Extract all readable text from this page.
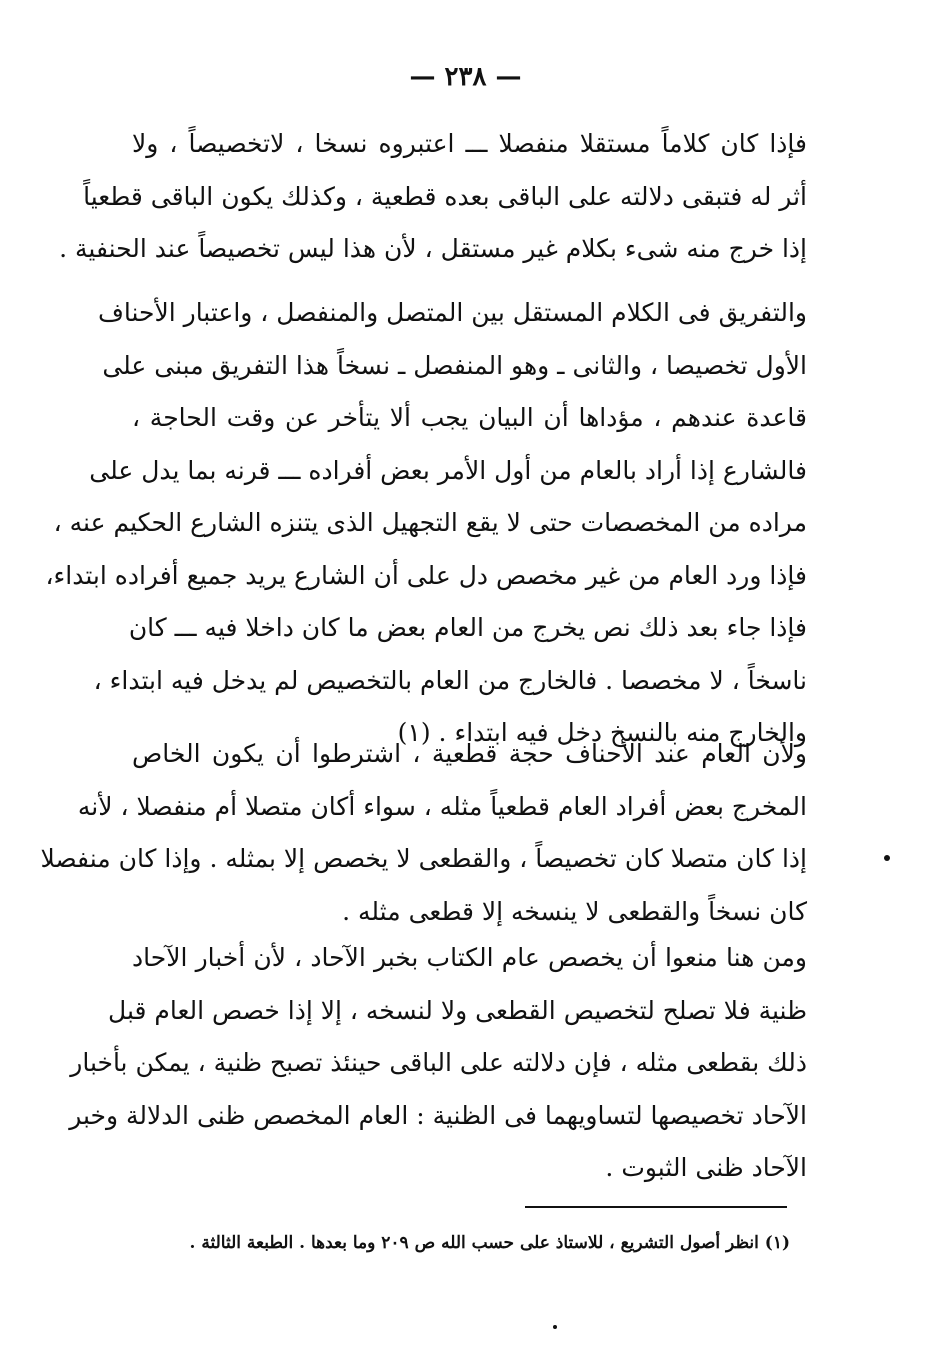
— ٢٣٨ —
فإذا كان كلاماً مستقلا منفصلا ـــ اعتبروه نسخا ، لاتخصيصاً ، ولا
أثر له فتبقى دلالته على الباقى بعده قطعية ، وكذلك يكون الباقى قطعياً
إذا خرج منه شىء بكلام غير مستقل ، لأن هذا ليس تخصيصاً عند الحنفية .
والتفريق فى الكلام المستقل بين المتصل والمنفصل ، واعتبار الأحناف
الأول تخصيصا ، والثانى ـ وهو المنفصل ـ نسخاً هذا التفريق مبنى على
قاعدة عندهم ، مؤداها أن البيان يجب ألا يتأخر عن وقت الحاجة ،
فالشارع إذا أراد بالعام من أول الأمر بعض أفراده ـــ قرنه بما يدل على
مراده من المخصصات حتى لا يقع التجهيل الذى يتنزه الشارع الحكيم عنه ،
فإذا ورد العام من غير مخصص دل على أن الشارع يريد جميع أفراده ابتداء،
فإذا جاء بعد ذلك نص يخرج من العام بعض ما كان داخلا فيه ـــ كان
ناسخاً ، لا مخصصا . فالخارج من العام بالتخصيص لم يدخل فيه ابتداء ،
والخارج منه بالنسخ دخل فيه ابتداء . (١)
ولأن العام عند الأحناف حجة قطعية ، اشترطوا أن يكون الخاص
المخرج بعض أفراد العام قطعياً مثله ، سواء أكان متصلا أم منفصلا ، لأنه
إذا كان متصلا كان تخصيصاً ، والقطعى لا يخصص إلا بمثله . وإذا كان منفصلا
كان نسخاً والقطعى لا ينسخه إلا قطعى مثله .
ومن هنا منعوا أن يخصص عام الكتاب بخبر الآحاد ، لأن أخبار الآحاد
ظنية فلا تصلح لتخصيص القطعى ولا لنسخه ، إلا إذا خصص العام قبل
ذلك بقطعى مثله ، فإن دلالته على الباقى حينئذ تصبح ظنية ، يمكن بأخبار
الآحاد تخصيصها لتساويهما فى الظنية : العام المخصص ظنى الدلالة وخبر
الآحاد ظنى الثبوت .
(١) انظر أصول التشريع ، للاستاذ على حسب الله ص ٢٠٩ وما بعدها . الطبعة الثالثة .
